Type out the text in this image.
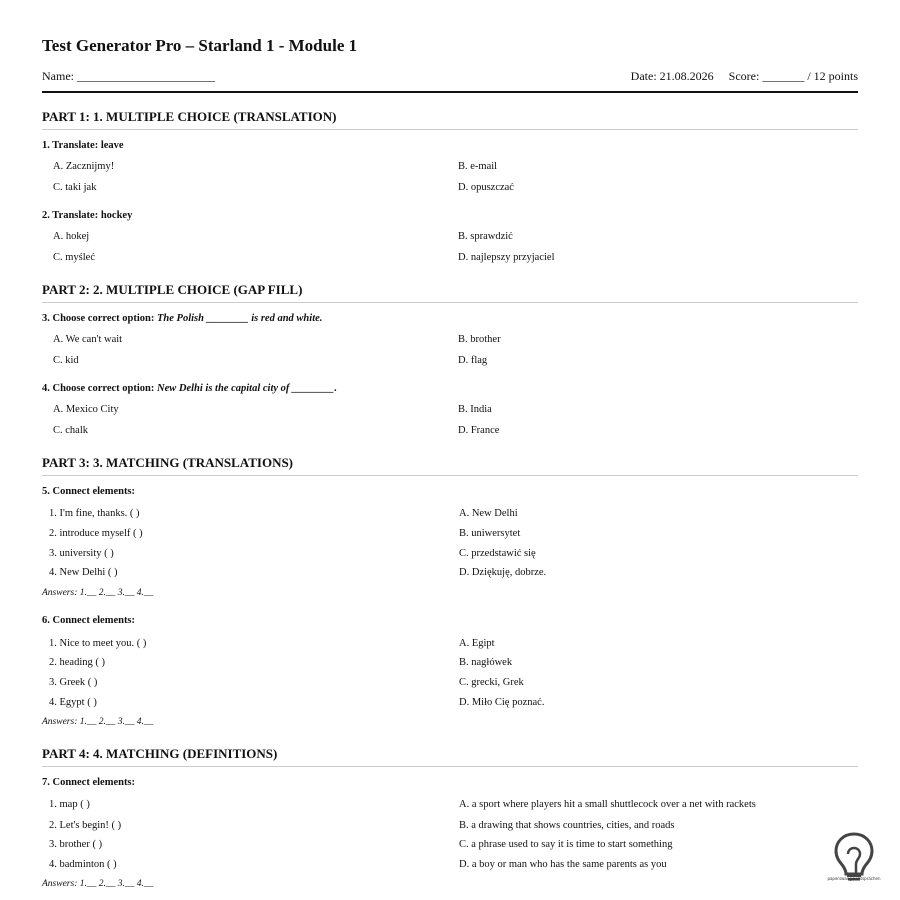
Test Generator Pro – Starland 1 - Module 1
Name: _______________________	Date: 21.08.2026 Score: _______ / 12 points
PART 1: 1. MULTIPLE CHOICE (TRANSLATION)
1. Translate: leave
A. Zacznijmy!	B. e-mail
C. taki jak	D. opuszczać
2. Translate: hockey
A. hokej	B. sprawdzić
C. myśleć	D. najlepszy przyjaciel
PART 2: 2. MULTIPLE CHOICE (GAP FILL)
3. Choose correct option: The Polish ________ is red and white.
A. We can't wait	B. brother
C. kid	D. flag
4. Choose correct option: New Delhi is the capital city of ________.
A. Mexico City	B. India
C. chalk	D. France
PART 3: 3. MATCHING (TRANSLATIONS)
5. Connect elements:
1. I'm fine, thanks. ( )	A. New Delhi
2. introduce myself ( )	B. uniwersytet
3. university ( )	C. przedstawić się
4. New Delhi ( )	D. Dziękuję, dobrze.
Answers: 1.__ 2.__ 3.__ 4.__
6. Connect elements:
1. Nice to meet you. ( )	A. Egipt
2. heading ( )	B. nagłówek
3. Greek ( )	C. grecki, Grek
4. Egypt ( )	D. Miło Cię poznać.
Answers: 1.__ 2.__ 3.__ 4.__
PART 4: 4. MATCHING (DEFINITIONS)
7. Connect elements:
1. map ( )	A. a sport where players hit a small shuttlecock over a net with rackets
2. Let's begin! ( )	B. a drawing that shows countries, cities, and roads
3. brother ( )	C. a phrase used to say it is time to start something
4. badminton ( )	D. a boy or man who has the same parents as you
Answers: 1.__ 2.__ 3.__ 4.__
paperswangelehtsprachen
